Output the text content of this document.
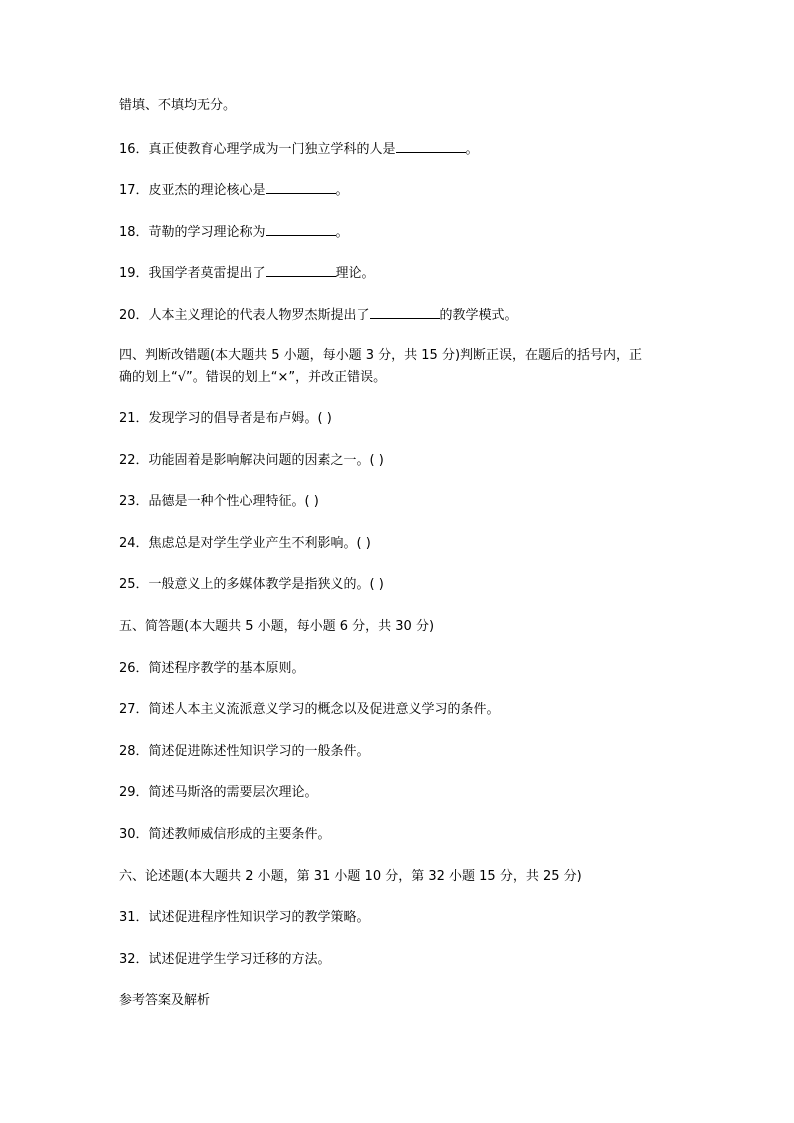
错填、不填均无分。
16．真正使教育心理学成为一门独立学科的人是	。
17．皮亚杰的理论核心是	。
18．苛勒的学习理论称为	。
19．我国学者莫雷提出了	理论。
20．人本主义理论的代表人物罗杰斯提出了	的教学模式。
四、判断改错题(本大题共 5 小题，每小题 3 分，共 15 分)判断正误，在题后的括号内，正
确的划上“√”。错误的划上“×”，并改正错误。
21．发现学习的倡导者是布卢姆。( )
22．功能固着是影响解决问题的因素之一。( )
23．品德是一种个性心理特征。( )
24．焦虑总是对学生学业产生不利影响。( )
25．一般意义上的多媒体教学是指狭义的。( )
五、简答题(本大题共 5 小题，每小题 6 分，共 30 分)
26．简述程序教学的基本原则。
27．简述人本主义流派意义学习的概念以及促进意义学习的条件。
28．简述促进陈述性知识学习的一般条件。
29．简述马斯洛的需要层次理论。
30．简述教师威信形成的主要条件。
六、论述题(本大题共 2 小题，第 31 小题 10 分，第 32 小题 15 分，共 25 分)
31．试述促进程序性知识学习的教学策略。
32．试述促进学生学习迁移的方法。
参考答案及解析
